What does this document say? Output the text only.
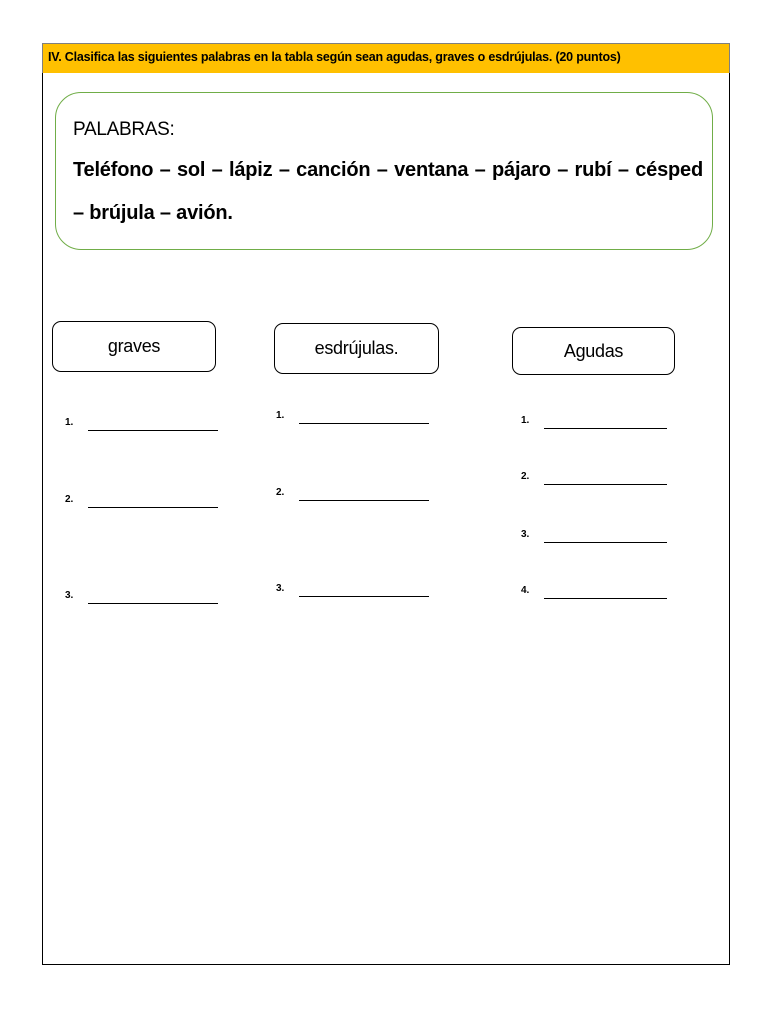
IV. Clasifica las siguientes palabras en la tabla según sean agudas, graves o esdrújulas. (20 puntos)
PALABRAS:
Teléfono – sol – lápiz – canción – ventana – pájaro – rubí – césped – brújula – avión.
graves	esdrújulas.	Agudas
1.
2.
3.
1.
2.
3.
1.
2.
3.
4.
